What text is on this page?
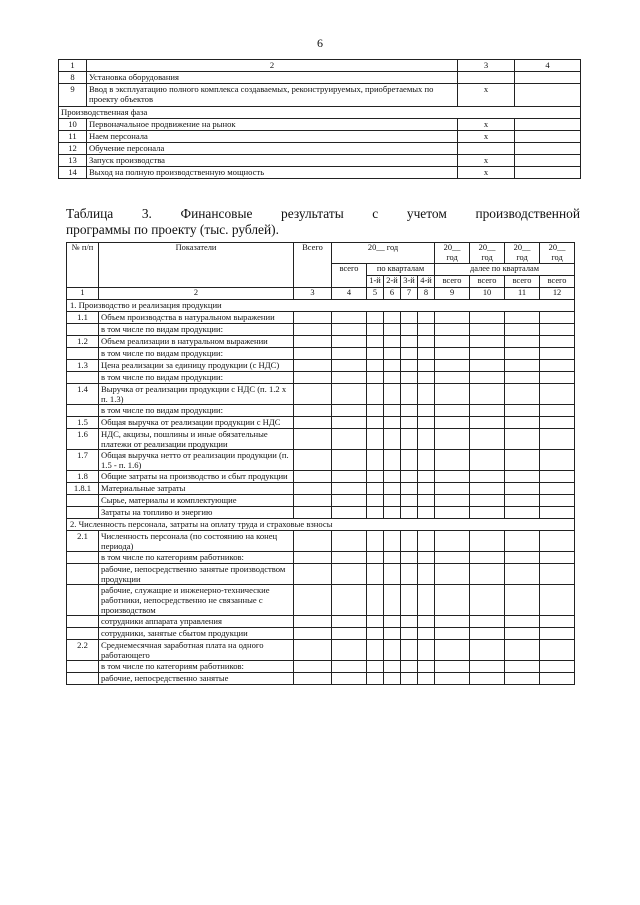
6
1	2	3	4
8	Установка оборудования		
9	Ввод в эксплуатацию полного комплекса создаваемых, реконструируемых, приобретаемых по проекту объектов	x	
Производственная фаза			
10	Первоначальное продвижение на рынок	x	
11	Наем персонала	x	
12	Обучение персонала		
13	Запуск производства	x	
14	Выход на полную производственную мощность	x	
Таблица 3. Финансовые результаты с учетом производственной
программы по проекту (тыс. рублей).
№ п/п	Показатели	Всего	20__ год					20__ год	20__ год	20__ год	20__ год
			всего	по кварталам				далее по кварталам			
				1-й	2-й	3-й	4-й	всего	всего	всего	всего
1	2	3	4	5	6	7	8	9	10	11	12
1. Производство и реализация продукции											
1.1	Объем производства в натуральном выражении										
	в том числе по видам продукции:										
1.2	Объем реализации в натуральном выражении										
	в том числе по видам продукции:										
1.3	Цена реализации за единицу продукции (с НДС)										
	в том числе по видам продукции:										
1.4	Выручка от реализации продукции с НДС (п. 1.2 х п. 1.3)										
	в том числе по видам продукции:										
1.5	Общая выручка от реализации продукции с НДС										
1.6	НДС, акцизы, пошлины и иные обязательные платежи от реализации продукции										
1.7	Общая выручка нетто от реализации продукции (п. 1.5 - п. 1.6)										
1.8	Общие затраты на производство и сбыт продукции										
1.8.1	Материальные затраты										
	Сырье, материалы и комплектующие										
	Затраты на топливо и энергию										
2. Численность персонала, затраты на оплату труда и страховые взносы											
2.1	Численность персонала (по состоянию на конец периода)										
	в том числе по категориям работников:										
	рабочие, непосредственно занятые производством продукции										
	рабочие, служащие и инженерно-технические работники, непосредственно не связанные с производством										
	сотрудники аппарата управления										
	сотрудники, занятые сбытом продукции										
2.2	Среднемесячная заработная плата на одного работающего										
	в том числе по категориям работников:										
	рабочие, непосредственно занятые										
